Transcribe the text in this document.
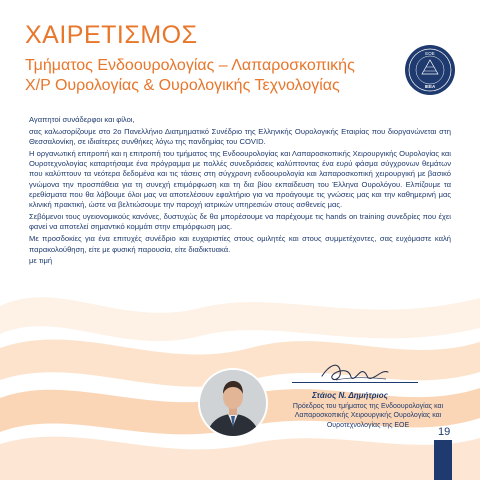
ΧΑΙΡΕΤΙΣΜΟΣ
Τμήματος Ενδοουρολογίας – Λαπαροσκοπικής
Χ/Ρ Ουρολογίας & Ουρολογικής Τεχνολογίας
ΕΟΕ
ΙΕΕΑ

Αγαπητοί συνάδερφοι και φίλοι,

σας καλωσορίζουμε στο 2ο Πανελλήνιο Διατμηματικό Συνέδριο της Ελληνικής Ουρολογικής Εταιρίας που διοργανώνεται στη Θεσσαλονίκη, σε ιδιαίτερες συνθήκες λόγω της πανδημίας του COVID.

Η οργανωτική επιτροπή και η επιτροπή του τμήματος της Ενδοουρολογίας και Λαπαροσκοπικής Χειρουργικής Ουρολογίας και Ουροτεχνολογίας καταρτήσαμε ένα πρόγραμμα με πολλές συνεδριάσεις καλύπτοντας ένα ευρύ φάσμα σύγχρονων θεμάτων που καλύπτουν τα νεότερα δεδομένα και τις τάσεις στη σύγχρονη ενδοουρολογία και λαπαροσκοπική χειρουργική με βασικό γνώμονα την προσπάθεια για τη συνεχή επιμόρφωση και τη δια βίου εκπαίδευση του Έλληνα Ουρολόγου. Ελπίζουμε τα ερεθίσματα που θα λάβουμε όλοι μας να αποτελέσουν εφαλτήριο για να προάγουμε τις γνώσεις μας και την καθημερινή μας κλινική πρακτική, ώστε να βελτιώσουμε την παροχή ιατρικών υπηρεσιών στους ασθενείς μας.

Σεβόμενοι τους υγειονομικούς κανόνες, δυστυχώς δε θα μπορέσουμε να παρέχουμε τις hands on training συνεδρίες που έχει φανεί να αποτελεί σημαντικό κομμάτι στην επιμόρφωση μας.

Με προσδοκίες για ένα επιτυχές συνέδριο και ευχαριστίες στους ομιλητές και στους συμμετέχοντες, σας ευχόμαστε καλή παρακολούθηση, είτε με φυσική παρουσία, είτε διαδικτυακά.

με τιμή

Στάιος Ν. Δημήτριος
Πρόεδρος του τμήματος της Ενδοουρολογίας και
Λαπαροσκοπικής Χειρουργικής Ουρολογίας και
Ουροτεχνολογίας της ΕΟΕ
19
